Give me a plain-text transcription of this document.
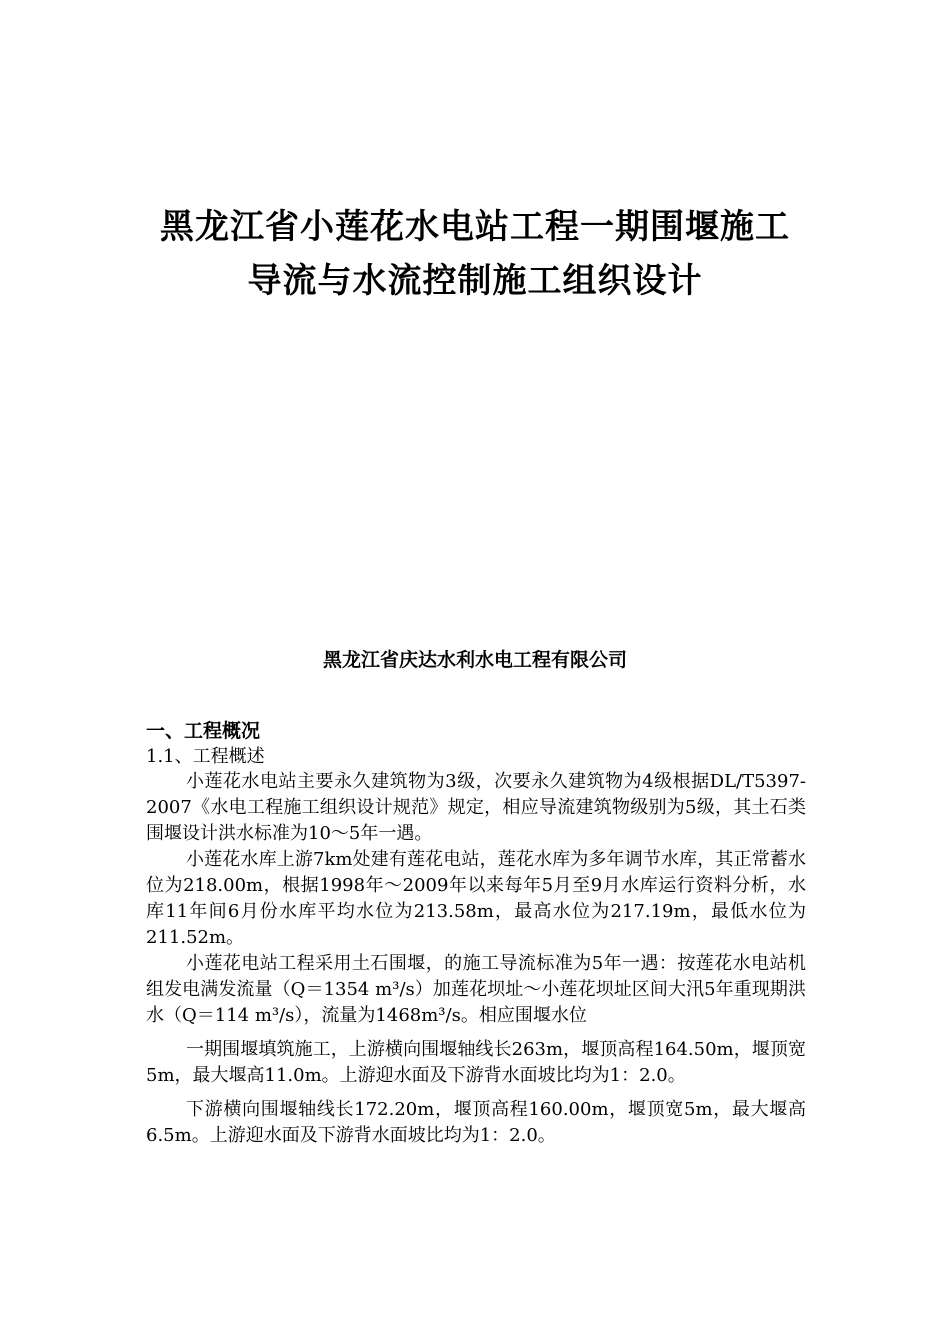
黑龙江省小莲花水电站工程一期围堰施工
导流与水流控制施工组织设计
黑龙江省庆达水利水电工程有限公司
一、工程概况
1.1、工程概述

小莲花水电站主要永久建筑物为3级，次要永久建筑物为4级根据DL/T5397-2007《水电工程施工组织设计规范》规定，相应导流建筑物级别为5级，其土石类围堰设计洪水标准为10～5年一遇。

小莲花水库上游7km处建有莲花电站，莲花水库为多年调节水库，其正常蓄水位为218.00m，根据1998年～2009年以来每年5月至9月水库运行资料分析，水库11年间6月份水库平均水位为213.58m，最高水位为217.19m，最低水位为211.52m。

小莲花电站工程采用土石围堰，的施工导流标准为5年一遇：按莲花水电站机组发电满发流量（Q＝1354 m³/s）加莲花坝址～小莲花坝址区间大汛5年重现期洪水（Q＝114 m³/s），流量为1468m³/s。相应围堰水位

一期围堰填筑施工，上游横向围堰轴线长263m，堰顶高程164.50m，堰顶宽5m，最大堰高11.0m。上游迎水面及下游背水面坡比均为1：2.0。

下游横向围堰轴线长172.20m，堰顶高程160.00m，堰顶宽5m，最大堰高6.5m。上游迎水面及下游背水面坡比均为1：2.0。
